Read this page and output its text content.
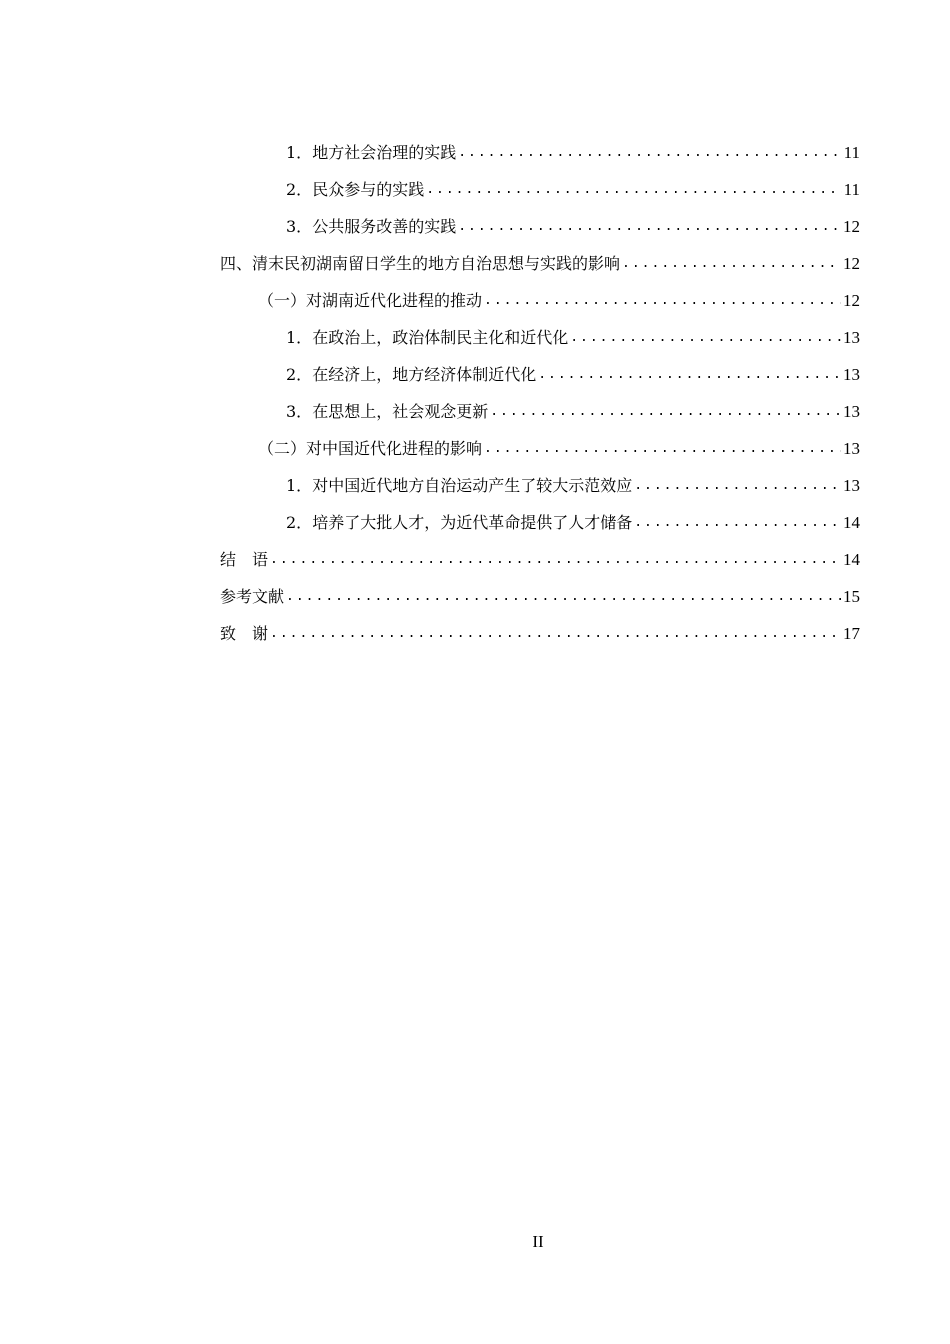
1． 地方社会治理的实践 .....	11
2． 民众参与的实践 .....	11
3． 公共服务改善的实践 .....	12
四、 清末民初湖南留日学生的地方自治思想与实践的影响 .....	12
（一） 对湖南近代化进程的推动 .....	12
1． 在政治上，政治体制民主化和近代化 .....	13
2． 在经济上，地方经济体制近代化 .....	13
3． 在思想上，社会观念更新 .....	13
（二） 对中国近代化进程的影响 .....	13
1． 对中国近代地方自治运动产生了较大示范效应 .....	13
2． 培养了大批人才，为近代革命提供了人才储备 .....	14
结　语 .....	14
参考文献 .....	15
致　谢 .....	17
II
